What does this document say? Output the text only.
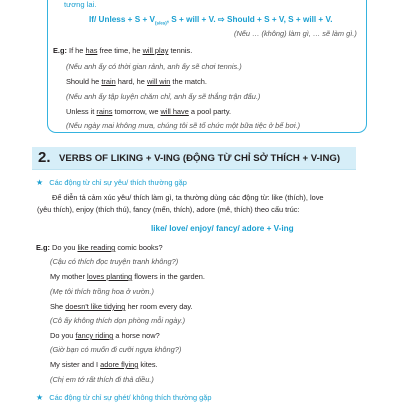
tương lai.
If/ Unless + $S + V_{(s/es)}$, S + will + V. ⇨ Should + S + V, S + will + V.
(Nếu … (không) làm gì, … sẽ làm gì.)
E.g: If he has free time, he will play tennis.
(Nếu anh ấy có thời gian rảnh, anh ấy sẽ chơi tennis.)
Should he train hard, he will win the match.
(Nếu anh ấy tập luyện chăm chỉ, anh ấy sẽ thắng trận đấu.)
Unless it rains tomorrow, we will have a pool party.
(Nếu ngày mai không mưa, chúng tôi sẽ tổ chức một bữa tiệc ở bể bơi.)
2. VERBS OF LIKING + V-ING (ĐỘNG TỪ CHỈ SỞ THÍCH + V-ING)
★ Các động từ chỉ sự yêu/ thích thường gặp
Để diễn tả cảm xúc yêu/ thích làm gì, ta thường dùng các động từ: like (thích), love
(yêu thích), enjoy (thích thú), fancy (mến, thích), adore (mê, thích) theo cấu trúc:
like/ love/ enjoy/ fancy/ adore + V-ing
E.g: Do you like reading comic books?
(Cậu có thích đọc truyện tranh không?)
My mother loves planting flowers in the garden.
(Mẹ tôi thích trồng hoa ở vườn.)
She doesn't like tidying her room every day.
(Cô ấy không thích dọn phòng mỗi ngày.)
Do you fancy riding a horse now?
(Giờ bạn có muốn đi cưỡi ngựa không?)
My sister and I adore flying kites.
(Chị em tớ rất thích đi thả diều.)
★ Các động từ chỉ sự ghét/ không thích thường gặp
